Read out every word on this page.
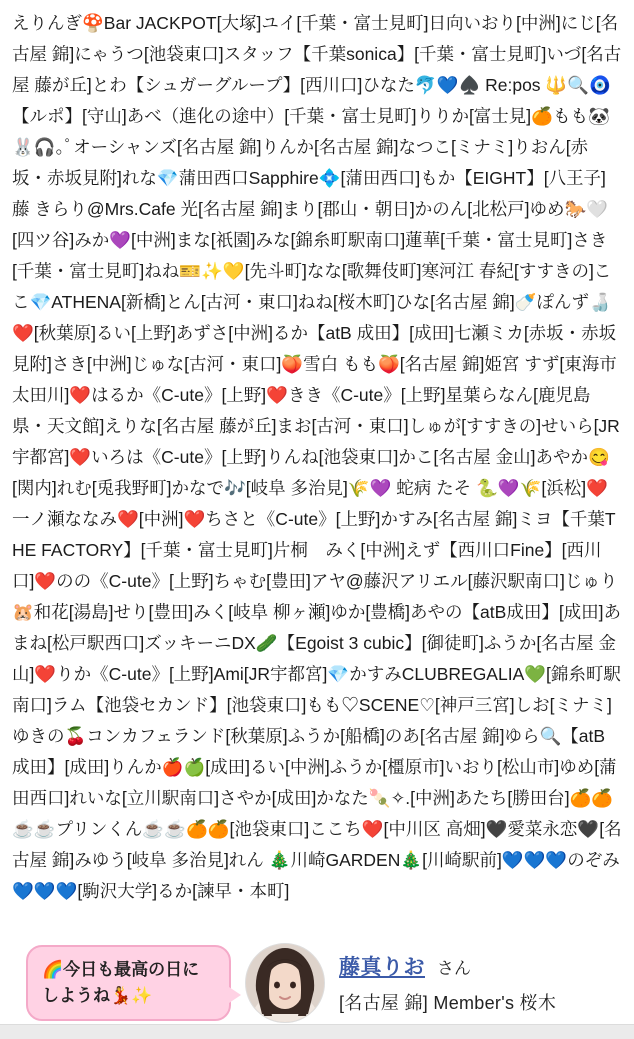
えりんぎ🍄Bar JACKPOT[大塚]ユイ[千葉・富士見町]日向いおり[中洲]にじ[名古屋 錦]にゃうつ[池袋東口]スタッフ【千葉sonica】[千葉・富士見町]いづ[名古屋 藤が丘]とわ【シュガーグループ】[西川口]ひなた🐬💙♠️ Re:pos 🔱🔍🧿【ルポ】[守山]あべ（進化の途中）[千葉・富士見町]りりか[富士見]🍊もも🐼🐰🎧｡ﾟオーシャンズ[名古屋 錦]りんか[名古屋 錦]なつこ[ミナミ]りおん[赤坂・赤坂見附]れな💎蒲田西口Sapphire💠[蒲田西口]もか【EIGHT】[八王子]藤 きらり@Mrs.Cafe 光[名古屋 錦]まり[郡山・朝日]かのん[北松戸]ゆめ🐎🤍[四ツ谷]みか💜[中洲]まな[祇園]みな[錦糸町駅南口]蓮華[千葉・富士見町]さき[千葉・富士見町]ねね🎫✨💛[先斗町]なな[歌舞伎町]寒河江 春紀[すすきの]ここ💎ATHENA[新橋]とん[古河・東口]ねね[桜木町]ひな[名古屋 錦]🍼ぽんず🍶❤️[秋葉原]るい[上野]あずさ[中洲]るか【atB 成田】[成田]七瀬ミカ[赤坂・赤坂見附]さき[中洲]じゅな[古河・東口]🍑雪白 もも🍑[名古屋 錦]姫宮 すず[東海市 太田川]❤️はるか《C-ute》[上野]❤️きき《C-ute》[上野]星葉らなん[鹿児島県・天文館]えりな[名古屋 藤が丘]まお[古河・東口]しゅが[すすきの]せいら[JR宇都宮]❤️いろは《C-ute》[上野]りんね[池袋東口]かこ[名古屋 金山]あやか😋[関内]れむ[兎我野町]かなで🎶[岐阜 多治見]🌾💜 蛇病 たそ 🐍💜🌾[浜松]❤️一ノ瀬ななみ❤️[中洲]❤️ちさと《C-ute》[上野]かすみ[名古屋 錦]ミヨ【千葉THE FACTORY】[千葉・富士見町]片桐　みく[中洲]えず【西川口Fine】[西川口]❤️のの《C-ute》[上野]ちゃむ[豊田]アヤ@藤沢アリエル[藤沢駅南口]じゅり🐹和花[湯島]せり[豊田]みく[岐阜 柳ヶ瀬]ゆか[豊橋]あやの【atB成田】[成田]あまね[松戸駅西口]ズッキーニDX🥒【Egoist 3 cubic】[御徒町]ふうか[名古屋 金山]❤️りか《C-ute》[上野]Ami[JR宇都宮]💎かすみCLUBREGALIA💚[錦糸町駅南口]ラム【池袋セカンド】[池袋東口]もも♡SCENE♡[神戸三宮]しお[ミナミ]ゆきの🍒コンカフェランド[秋葉原]ふうか[船橋]のあ[名古屋 錦]ゆら🔍【atB成田】[成田]りんか🍎🍏[成田]るい[中洲]ふうか[橿原市]いおり[松山市]ゆめ[蒲田西口]れいな[立川駅南口]さやか[成田]かなた🍡✧.[中洲]あたち[勝田台]🍊🍊☕️☕️プリンくん☕️☕️🍊🍊[池袋東口]ここち❤️[中川区 高畑]🖤愛菜永恋🖤[名古屋 錦]みゆう[岐阜 多治見]れん 🎄川崎GARDEN🎄[川崎駅前]💙💙💙のぞみ💙💙💙[駒沢大学]るか[諫早・本町]
🌈今日も最高の日にしようね💃✨
藤真りお さん
[名古屋 錦] Member's 桜木
